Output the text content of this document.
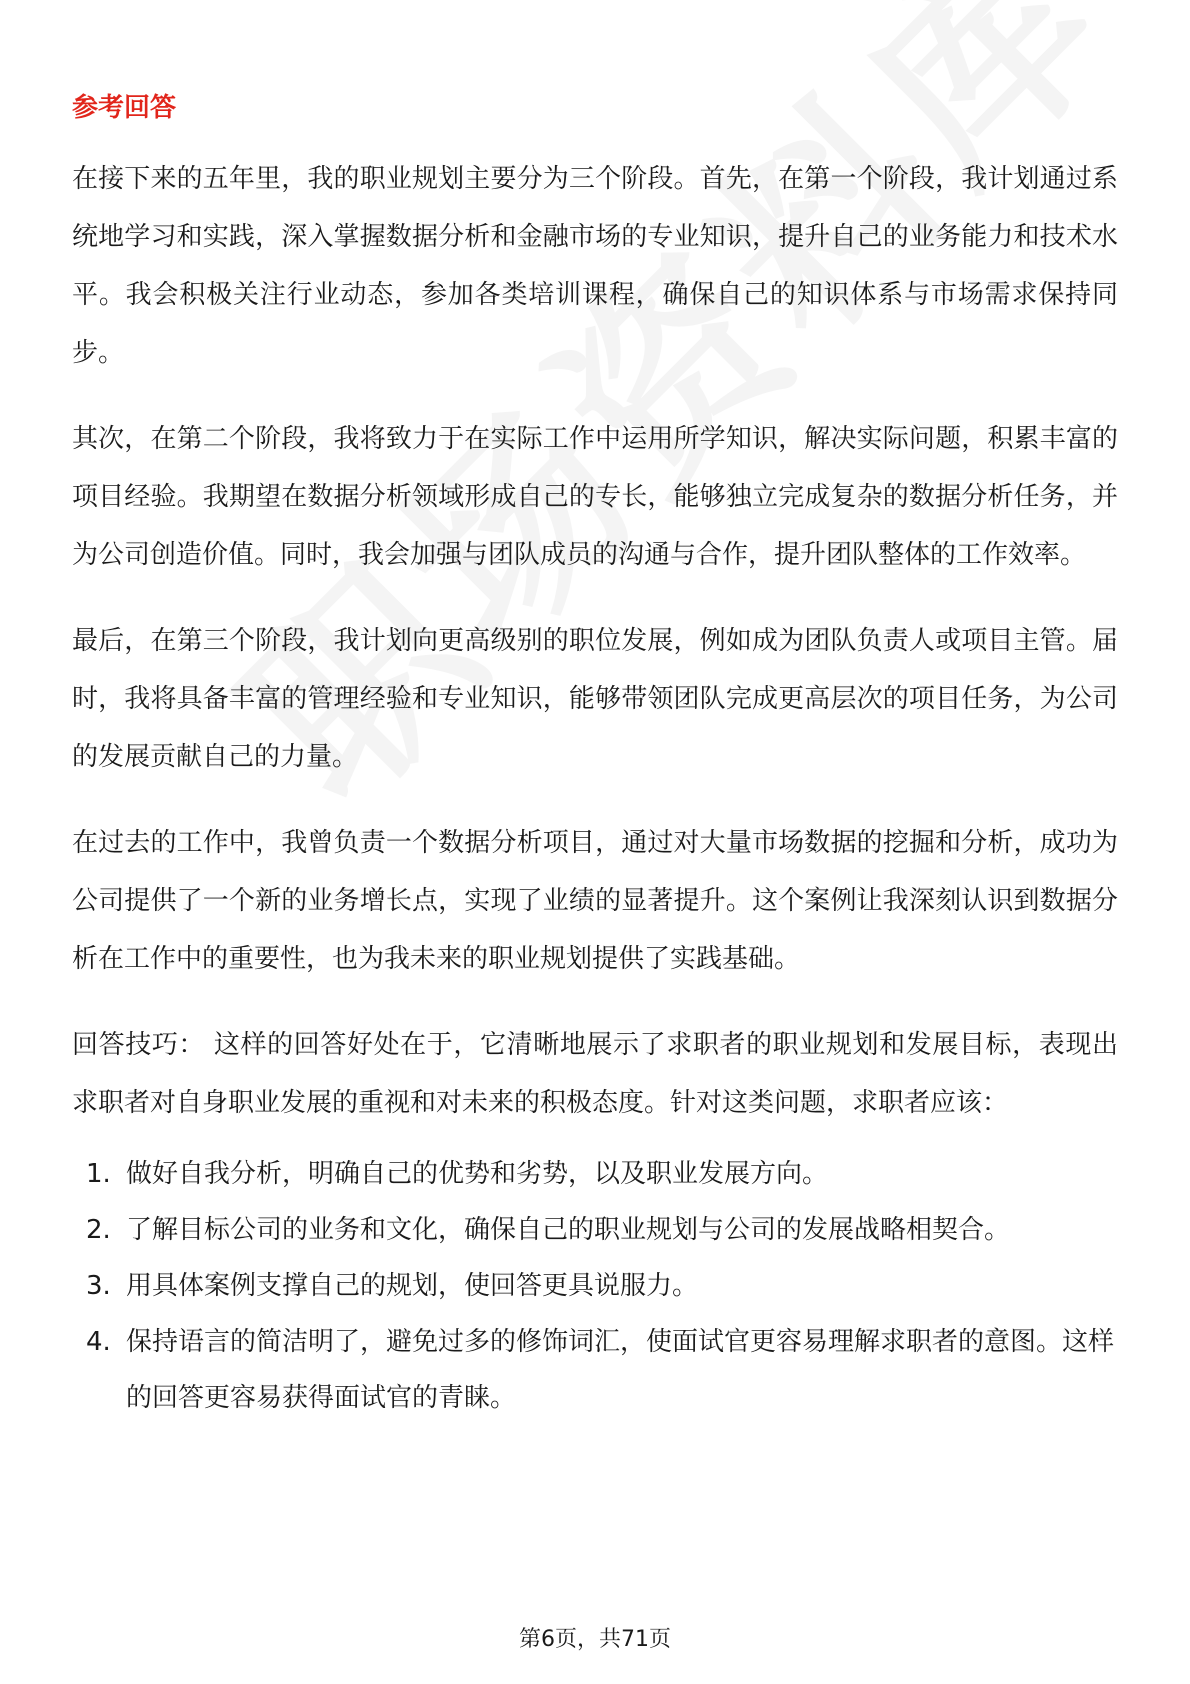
参考回答

在接下来的五年里，我的职业规划主要分为三个阶段。首先，在第一个阶段，我计划通过系统地学习和实践，深入掌握数据分析和金融市场的专业知识，提升自己的业务能力和技术水平。我会积极关注行业动态，参加各类培训课程，确保自己的知识体系与市场需求保持同步。

其次，在第二个阶段，我将致力于在实际工作中运用所学知识，解决实际问题，积累丰富的项目经验。我期望在数据分析领域形成自己的专长，能够独立完成复杂的数据分析任务，并为公司创造价值。同时，我会加强与团队成员的沟通与合作，提升团队整体的工作效率。

最后，在第三个阶段，我计划向更高级别的职位发展，例如成为团队负责人或项目主管。届时，我将具备丰富的管理经验和专业知识，能够带领团队完成更高层次的项目任务，为公司的发展贡献自己的力量。

在过去的工作中，我曾负责一个数据分析项目，通过对大量市场数据的挖掘和分析，成功为公司提供了一个新的业务增长点，实现了业绩的显著提升。这个案例让我深刻认识到数据分析在工作中的重要性，也为我未来的职业规划提供了实践基础。

回答技巧： 这样的回答好处在于，它清晰地展示了求职者的职业规划和发展目标，表现出求职者对自身职业发展的重视和对未来的积极态度。针对这类问题，求职者应该：

1. 做好自我分析，明确自己的优势和劣势，以及职业发展方向。
2. 了解目标公司的业务和文化，确保自己的职业规划与公司的发展战略相契合。
3. 用具体案例支撑自己的规划，使回答更具说服力。
4. 保持语言的简洁明了，避免过多的修饰词汇，使面试官更容易理解求职者的意图。这样的回答更容易获得面试官的青睐。
第6页，共71页
